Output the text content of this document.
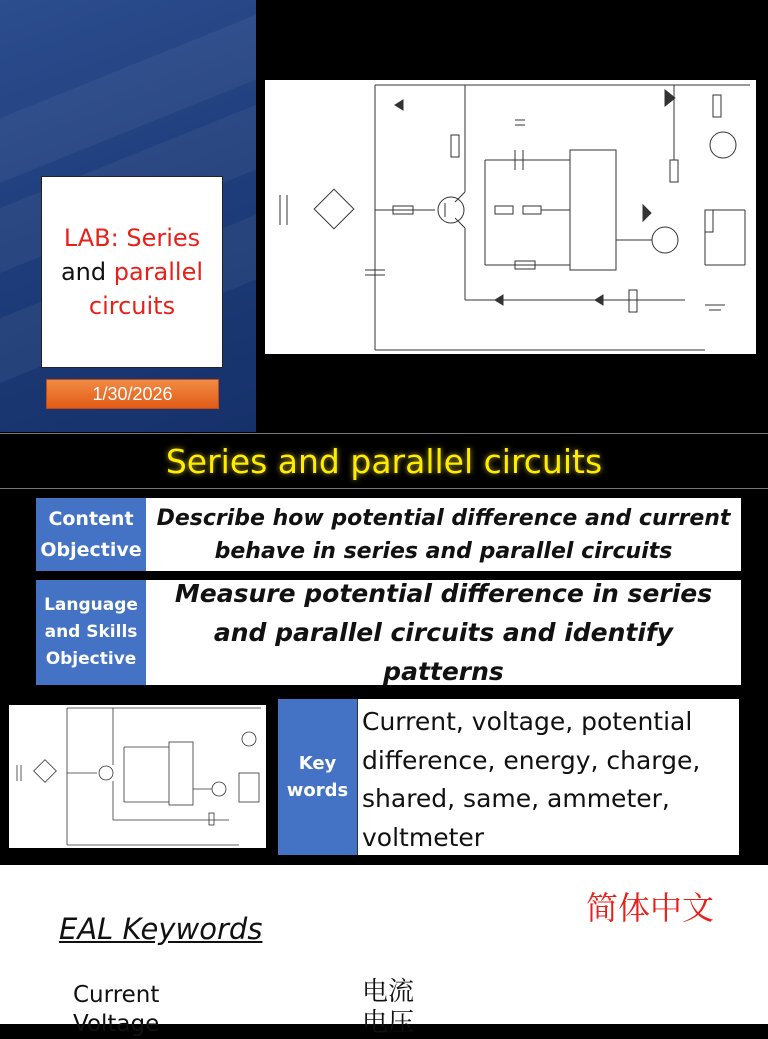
LAB: Series
and parallel
circuits
1/30/2026
Series and parallel circuits
Content Objective
Describe how potential difference and current behave in series and parallel circuits
Language and Skills Objective
Measure potential difference in series and parallel circuits and identify patterns
Key words
Current, voltage, potential difference, energy, charge, shared, same, ammeter, voltmeter
简体中文
EAL Keywords
Current
Voltage
电流
电压
